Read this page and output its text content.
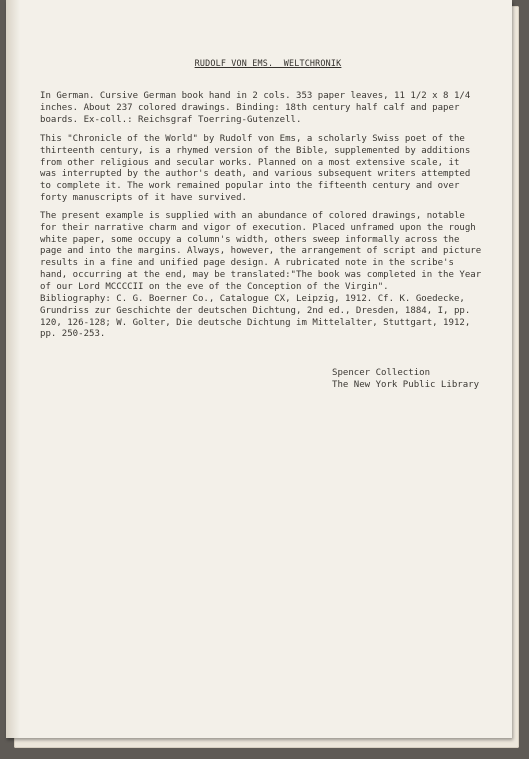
RUDOLF VON EMS.  WELTCHRONIK

In German. Cursive German book hand in 2 cols. 353 paper leaves, 11 1/2 x 8 1/4
inches. About 237 colored drawings. Binding: 18th century half calf and paper
boards. Ex-coll.: Reichsgraf Toerring-Gutenzell.
This "Chronicle of the World" by Rudolf von Ems, a scholarly Swiss poet of the
thirteenth century, is a rhymed version of the Bible, supplemented by additions
from other religious and secular works. Planned on a most extensive scale, it
was interrupted by the author's death, and various subsequent writers attempted
to complete it. The work remained popular into the fifteenth century and over
forty manuscripts of it have survived.
The present example is supplied with an abundance of colored drawings, notable
for their narrative charm and vigor of execution. Placed unframed upon the rough
white paper, some occupy a column's width, others sweep informally across the
page and into the margins. Always, however, the arrangement of script and picture
results in a fine and unified page design. A rubricated note in the scribe's
hand, occurring at the end, may be translated:"The book was completed in the Year
of our Lord MCCCCII on the eve of the Conception of the Virgin".
Bibliography: C. G. Boerner Co., Catalogue CX, Leipzig, 1912. Cf. K. Goedecke,
Grundriss zur Geschichte der deutschen Dichtung, 2nd ed., Dresden, 1884, I, pp.
120, 126-128; W. Golter, Die deutsche Dichtung im Mittelalter, Stuttgart, 1912,
pp. 250-253.
Spencer Collection
The New York Public Library
